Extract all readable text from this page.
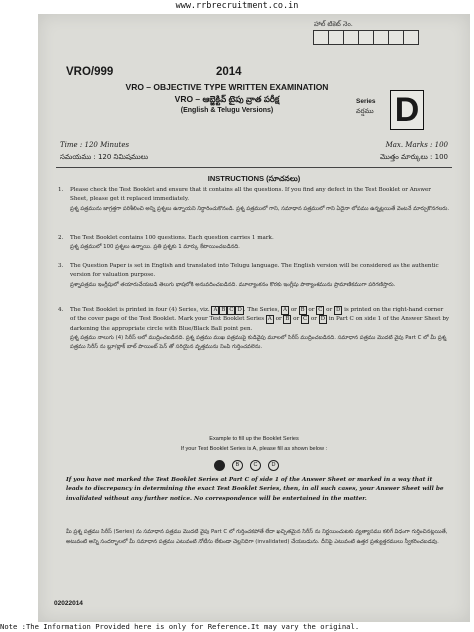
www.rrbrecruitment.co.in
హాల్ టికెట్ నెం.
VRO/999	2014
VRO – OBJECTIVE TYPE WRITTEN EXAMINATION
VRO – ఆబ్జెక్టివ్ టైపు వ్రాత పరీక్ష
(English & Telugu Versions)
Series
వర్షము D
Time : 120 Minutes
సమయము : 120 నిమిషములు
Max. Marks : 100
మొత్తం మార్కులు : 100
INSTRUCTIONS (సూచనలు)
1. Please check the Test Booklet and ensure that it contains all the questions. If you find any defect in the Test Booklet or Answer Sheet, please get it replaced immediately.
ప్రశ్న పత్రమును జాగ్రత్తగా పరిశీలించి అన్ని ప్రశ్నలు ఉన్నాయని నిర్ధారించుకొనండి. ప్రశ్న పత్రములో గాని, సమాధాన పత్రములో గాని ఏదైనా లోపము ఉన్నట్లయితే వెంటనే మార్చుకొనగలరు.
2. The Test Booklet contains 100 questions. Each question carries 1 mark.
ప్రశ్న పత్రములో 100 ప్రశ్నలు ఉన్నాయి. ప్రతి ప్రశ్నకు 1 మార్కు కేటాయించబడినది.
3. The Question Paper is set in English and translated into Telugu language. The English version will be considered as the authentic version for valuation purpose.
ప్రశ్నాపత్రము ఇంగ్లీషులో తయారుచేయబడి తెలుగు భాషలోకి అనువదించబడినది. మూల్యాంకనం కొరకు ఇంగ్లీషు పాఠ్యాంశమును ప్రామాణికముగా పరిగణిస్తారు.
4. The Test Booklet is printed in four (4) Series, viz. A B C D . The Series, A or B or C or D is printed on the right-hand corner of the cover page of the Test Booklet. Mark your Test Booklet Series A or B or C or D in Part C on side 1 of the Answer Sheet by darkening the appropriate circle with Blue/Black Ball point pen.
ప్రశ్న పత్రము నాలుగు (4) సిరీస్ లలో ముద్రించబడినది. ప్రశ్న పత్రము ముఖ పత్రముపై కుడివైపు మూలలో సిరీస్ ముద్రించబడినది. సమాధాన పత్రము మొదటి వైపు Part C లో మీ ప్రశ్న పత్రము సిరీస్ ను బ్లూ/బ్లాక్ బాల్ పాయింట్ పెన్ తో సరియైన వృత్తమును నింపి గుర్తించవలెను.
Example to fill up the Booklet Series
If your Test Booklet Series is A, please fill as shown below :
A	B	C	D
If you have not marked the Test Booklet Series at Part C of side 1 of the Answer Sheet or marked in a way that it leads to discrepancy in determining the exact Test Booklet Series, then, in all such cases, your Answer Sheet will be invalidated without any further notice. No correspondence will be entertained in the matter.
మీ ప్రశ్న పత్రము సిరీస్ (Series) ను సమాధాన పత్రము మొదటి వైపు Part C లో గుర్తించకపోతే లేదా ఖచ్చితమైన సిరీస్ ను నిర్ణయించుటకు వ్యత్యాసము కలిగే విధంగా గుర్తించినట్లయితే, అటువంటి అన్ని సందర్భాలలో మీ సమాధాన పత్రము ఎటువంటి నోటీసు లేకుండా చెల్లనిదిగా (invalidated) చేయబడును. దీనిపై ఎటువంటి ఉత్తర ప్రత్యుత్తరములు స్వీకరించబడవు.
02022014
Note :The Information Provided here is only for Reference.It may vary the original.
